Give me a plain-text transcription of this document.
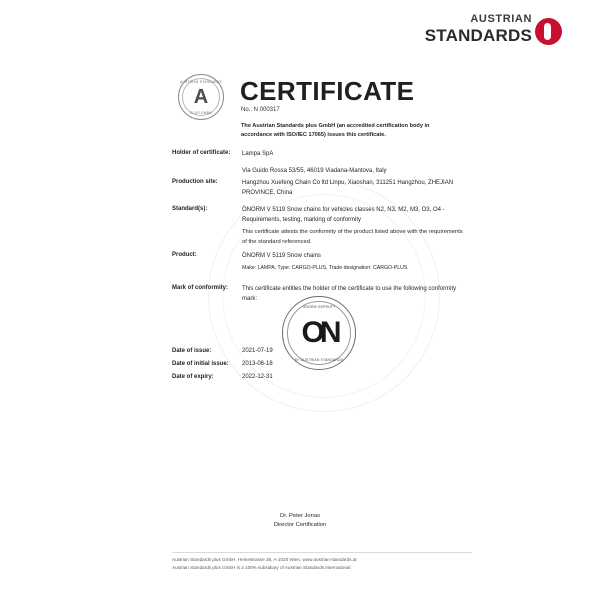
AUSTRIAN
STANDARDS
AUSTRIAN STANDARDS
A
PLUS GMBH
CERTIFICATE
No.: N 000317
The Austrian Standards plus GmbH (an accredited certification body in accordance with ISO/IEC 17065) issues this certificate.
Holder of certificate:	Lampa SpA
Via Guido Rossa 53/55, 46019 Viadana-Mantova, Italy
Production site:	Hangzhou Xuefeng Chain Co ltd Linpu, Xiaoshan, 311251 Hangzhou, ZHEJIAN PROVINCE, China
Standard(s):	ÖNORM V 5119 Snow chains for vehicles classes N2, N3, M2, M3, O3, O4 - Requirements, testing, marking of conformity
This certificate attests the conformity of the product listed above with the requirements of the standard referenced.
Product:	ÖNORM V 5119 Snow chains
Make: LAMPA, Type: CARGO-PLUS, Trade designation: CARGO-PLUS
Mark of conformity:	This certificate entitles the holder of the certificate to use the following conformity mark:
ÖNORM GEPRÜFT
ON
BY AUSTRIAN STANDARDS
Date of issue:	2021-07-19
Date of initial issue: 2013-06-18
Date of expiry:	2022-12-31
Dr. Peter Jonas
Director Certification
Austrian Standards plus GmbH, Heinestrasse 38, A-1020 Wien, www.austrian-standards.at
Austrian Standards plus GmbH is a 100% subsidiary of Austrian Standards International
